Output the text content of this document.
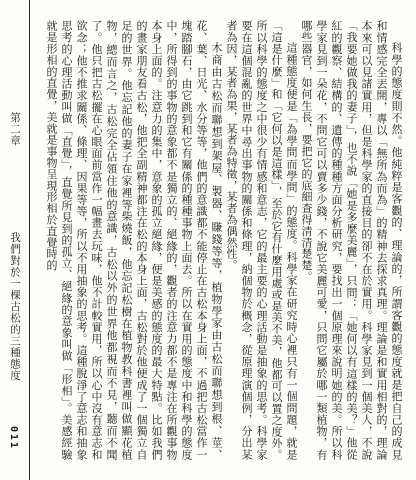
第二章
我們對於一棵古松的三種態度
011	科學的態度則不然。他純粹是客觀的、理論的，所謂客觀的態度就是把自己的成見和情感完全丟開，專以「無所為而為」的精神去探求真理。理論是和實用相對的，理論本來可以見諸實用，但是科學家的直接目的卻不在於實用。科學家見到一個美人，不說「我要她做我的妻子」，也不說「她是多麼美麗」，只問：「她何以有這樣的美？」他從紅的觀察、結構的、遺傳的種種方面分析研究，要找出一個原理來說明她的美。所以科學家見到一朵花，不問它可以賣多少錢，不說它美麗可愛，只問它屬於哪一類植物，有哪些器官，如何生長，要把它的底細查得清清楚楚。

這種態度便是「為學問而學問」的態度。科學家在研究時心裡只有一個問題，就是「這是什麼」和「它何以是這樣」，至於它有什麼用處或是美不美，他都可以置之度外。所以科學的態度之中很少有情感和意志，它的最主要的心理活動是抽象的思考。科學家要在這個混亂的世界中尋出事物的關係和條理，納個物於概念，從原理演個例，分出某者為因，某者為果，某者為特徵，某者為偶然性。

木商由古松而聯想到架屋、製器、賺錢等等，植物學家由古松而聯想到根、莖、花、葉、日光、水分等等，他們的意識都不能停止在古松本身上面，不過把古松當作一塊踏腳石，由它跳到和它有關係的種種事物上面去。所以在實用的態度中和科學的態度中，所得到的事物的意象都不是獨立的、絕緣的，觀者的注意力都不是專注在所觀事物本身上面的。注意力的集中，意象的孤立絕緣，便是美感的態度的最大特點。比如我們的畫家朋友看古松，他把全副精神都注在松的本身上面，古松對於他便成了一個獨立自足的世界。他忘記他的妻子在家裡等柴燒飯，他忘記松樹在植物教科書裡叫做顯花植物，總而言之，古松完全佔領住他的意識，古松以外的世界他都視而不見，聽而不聞了。他只把古松擺在心眼面前當作一幅畫去玩味，他不計較實用，所以心中沒有意志和欲念；他不推求關係、條理、因果等等，所以不用抽象的思考。這種脫淨了意志和抽象思考的心理活動叫做「直覺」，直覺所見到的孤立、絕緣的意象叫做「形相」。美感經驗就是形相的直覺，美就是事物呈現形相於直覺時的
